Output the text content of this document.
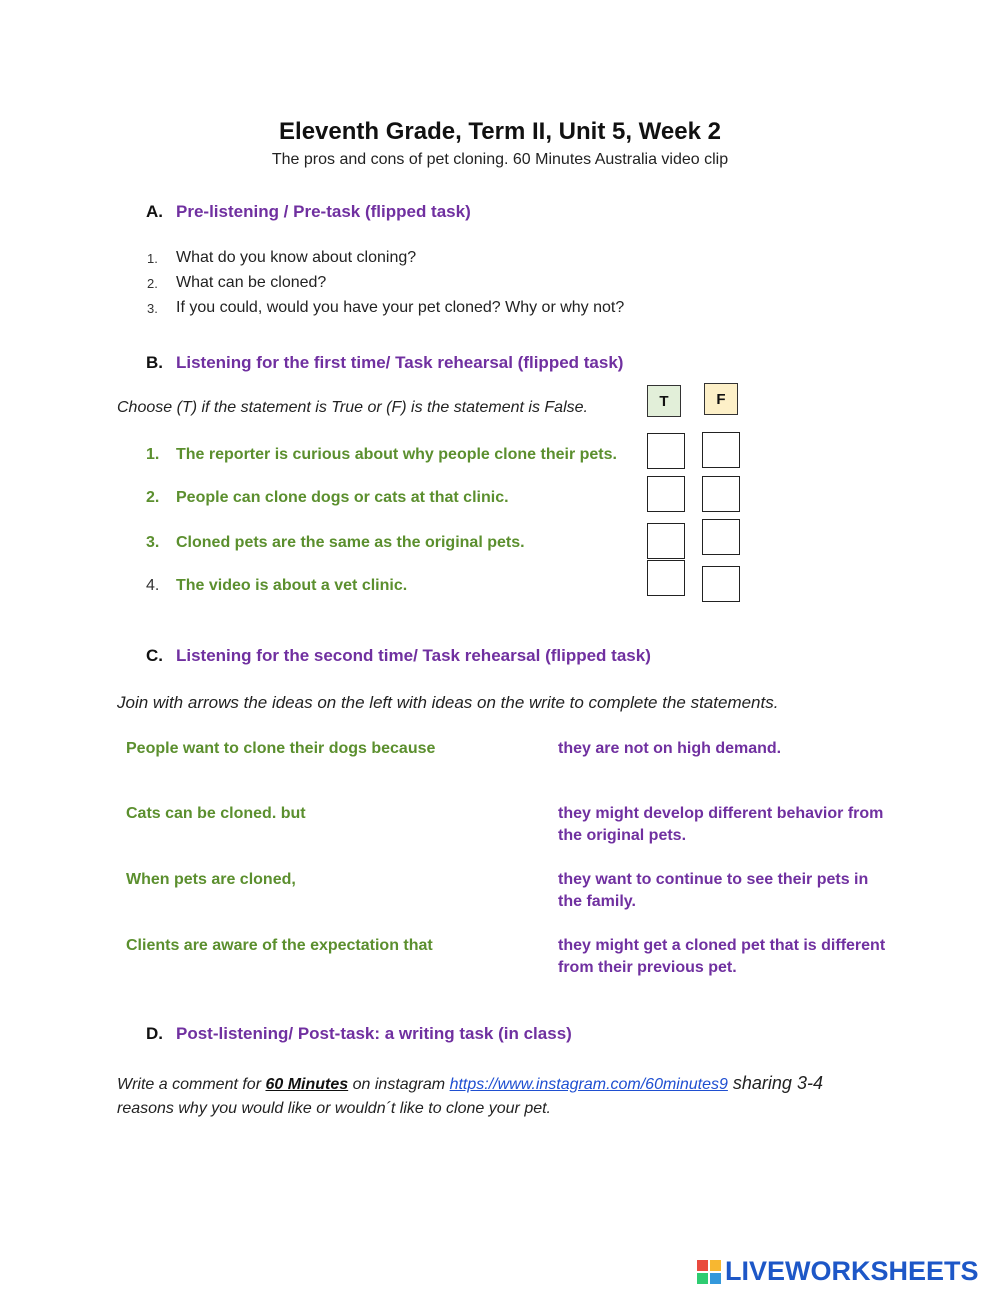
Eleventh Grade, Term II, Unit 5, Week 2
The pros and cons of pet cloning. 60 Minutes Australia video clip
A. Pre-listening / Pre-task (flipped task)
1. What do you know about cloning?
2. What can be cloned?
3. If you could, would you have your pet cloned? Why or why not?
B. Listening for the first time/ Task rehearsal (flipped task)
Choose (T) if the statement is True or (F) is the statement is False.	T	F
1. The reporter is curious about why people clone their pets.
2. People can clone dogs or cats at that clinic.
3. Cloned pets are the same as the original pets.
4. The video is about a vet clinic.
C. Listening for the second time/ Task rehearsal (flipped task)
Join with arrows the ideas on the left with ideas on the write to complete the statements.
People want to clone their dogs because
Cats can be cloned. but
When pets are cloned,
Clients are aware of the expectation that
they are not on high demand.
they might develop different behavior from the original pets.
they want to continue to see their pets in the family.
they might get a cloned pet that is different from their previous pet.
D. Post-listening/ Post-task: a writing task (in class)
Write a comment for 60 Minutes on instagram https://www.instagram.com/60minutes9 sharing 3-4
reasons why you would like or wouldn´t like to clone your pet.
LIVEWORKSHEETS
